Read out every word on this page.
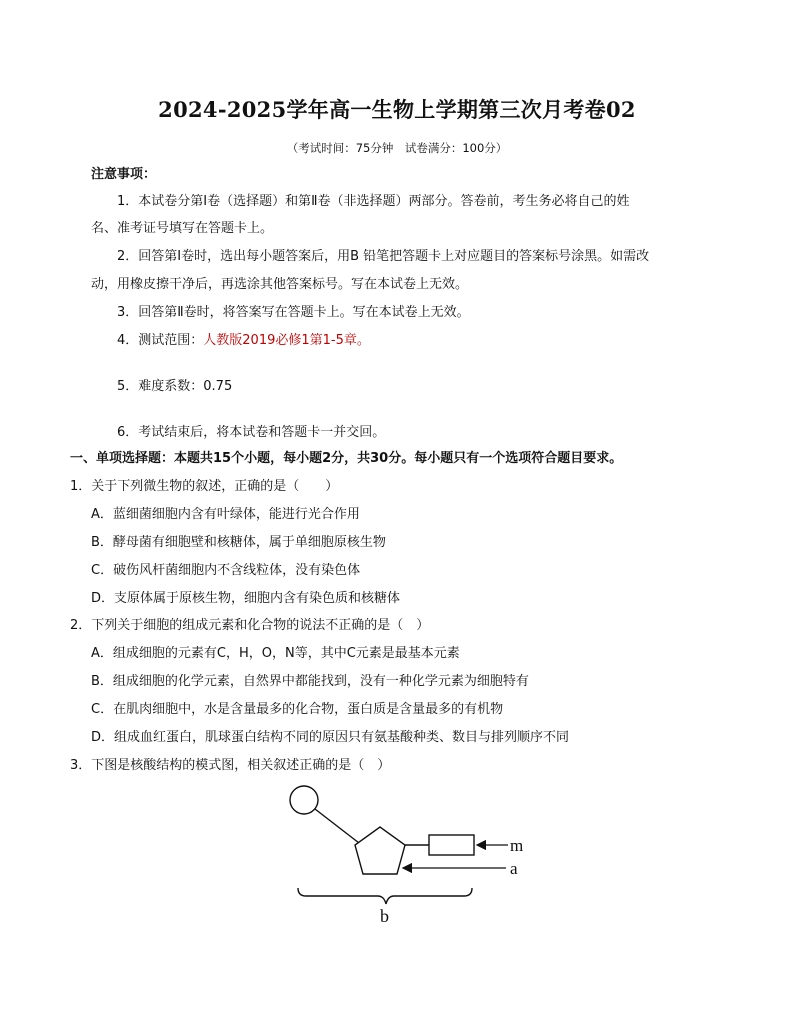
2024-2025学年高一生物上学期第三次月考卷02
（考试时间：75分钟　试卷满分：100分）
注意事项：
1．本试卷分第Ⅰ卷（选择题）和第Ⅱ卷（非选择题）两部分。答卷前，考生务必将自己的姓
名、准考证号填写在答题卡上。
2．回答第Ⅰ卷时，选出每小题答案后，用B 铅笔把答题卡上对应题目的答案标号涂黑。如需改
动，用橡皮擦干净后，再选涂其他答案标号。写在本试卷上无效。
3．回答第Ⅱ卷时，将答案写在答题卡上。写在本试卷上无效。
4．测试范围：人教版2019必修1第1-5章。
5．难度系数：0.75
6．考试结束后，将本试卷和答题卡一并交回。
一、单项选择题：本题共15个小题，每小题2分，共30分。每小题只有一个选项符合题目要求。
1．关于下列微生物的叙述，正确的是（　　）
A．蓝细菌细胞内含有叶绿体，能进行光合作用
B．酵母菌有细胞壁和核糖体，属于单细胞原核生物
C．破伤风杆菌细胞内不含线粒体，没有染色体
D．支原体属于原核生物，细胞内含有染色质和核糖体
2．下列关于细胞的组成元素和化合物的说法不正确的是（　）
A．组成细胞的元素有C，H，O，N等，其中C元素是最基本元素
B．组成细胞的化学元素，自然界中都能找到，没有一种化学元素为细胞特有
C．在肌肉细胞中，水是含量最多的化合物，蛋白质是含量最多的有机物
D．组成血红蛋白，肌球蛋白结构不同的原因只有氨基酸种类、数目与排列顺序不同
3．下图是核酸结构的模式图，相关叙述正确的是（　）
m
a
b
